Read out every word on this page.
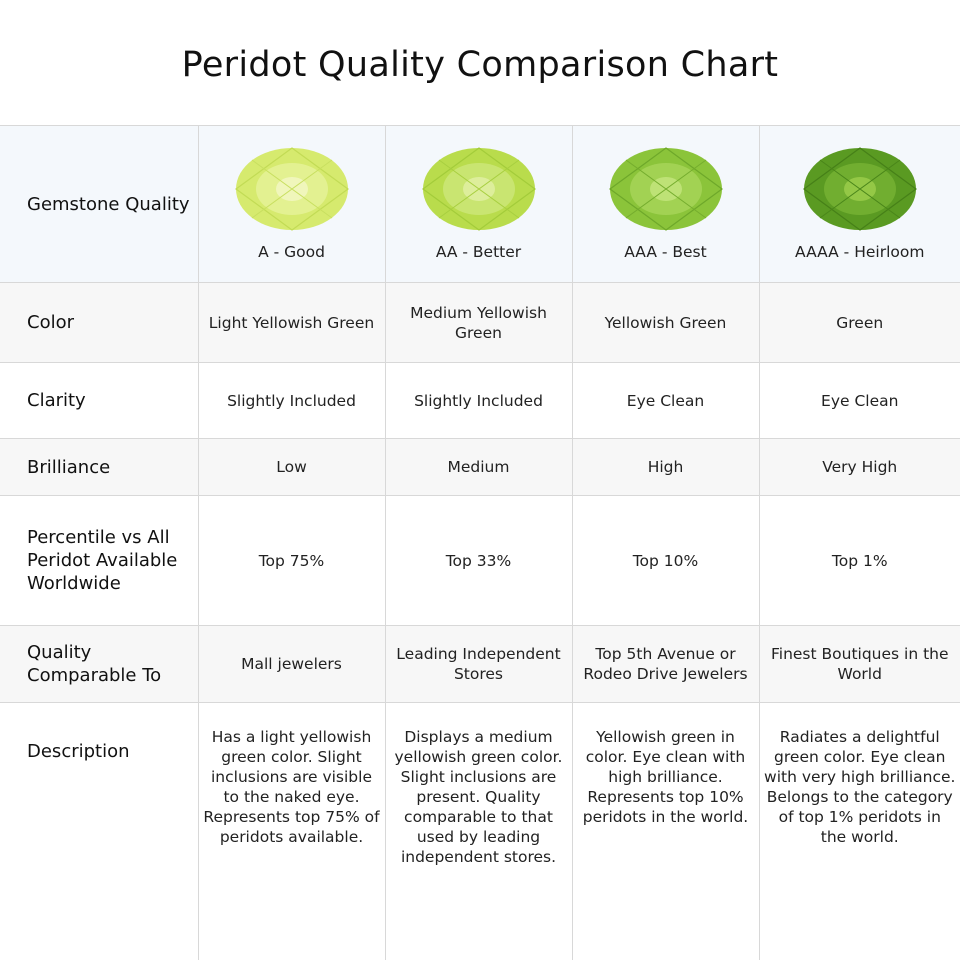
Peridot Quality Comparison Chart
Gemstone Quality	A - Good	AA - Better	AAA - Best	AAAA - Heirloom

Color	Light Yellowish Green	Medium Yellowish Green	Yellowish Green	Green
Clarity	Slightly Included	Slightly Included	Eye Clean	Eye Clean
Brilliance	Low	Medium	High	Very High
Percentile vs All Peridot Available Worldwide	Top 75%	Top 33%	Top 10%	Top 1%
Quality Comparable To	Mall jewelers	Leading Independent Stores	Top 5th Avenue or Rodeo Drive Jewelers	Finest Boutiques in the World
Description	Has a light yellowish green color. Slight inclusions are visible to the naked eye. Represents top 75% of peridots available.	Displays a medium yellowish green color. Slight inclusions are present. Quality comparable to that used by leading independent stores.	Yellowish green in color. Eye clean with high brilliance. Represents top 10% peridots in the world.	Radiates a delightful green color. Eye clean with very high brilliance. Belongs to the category of top 1% peridots in the world.
